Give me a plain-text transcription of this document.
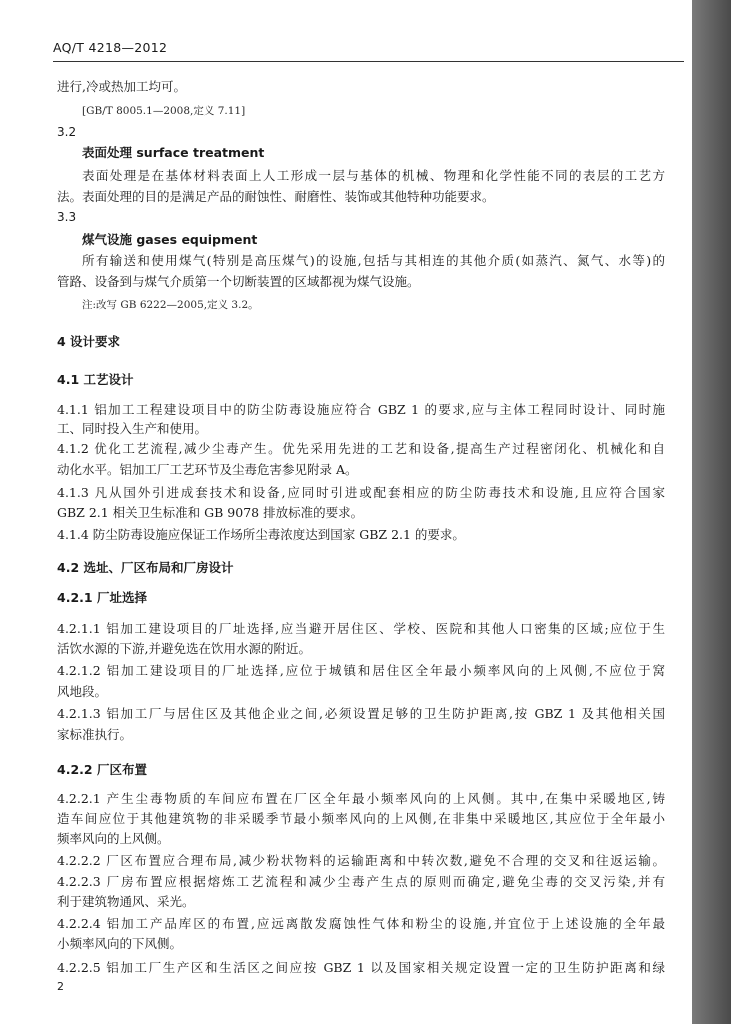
AQ/T 4218—2012
进行,冷或热加工均可。
[GB/T 8005.1—2008,定义 7.11]
3.2
表面处理 surface treatment
表面处理是在基体材料表面上人工形成一层与基体的机械、物理和化学性能不同的表层的工艺方
法。表面处理的目的是满足产品的耐蚀性、耐磨性、装饰或其他特种功能要求。
3.3
煤气设施 gases equipment
所有输送和使用煤气(特别是高压煤气)的设施,包括与其相连的其他介质(如蒸汽、氮气、水等)的
管路、设备到与煤气介质第一个切断装置的区域都视为煤气设施。
注:改写 GB 6222—2005,定义 3.2。
4 设计要求
4.1 工艺设计
4.1.1 铝加工工程建设项目中的防尘防毒设施应符合 GBZ 1 的要求,应与主体工程同时设计、同时施
工、同时投入生产和使用。
4.1.2 优化工艺流程,减少尘毒产生。优先采用先进的工艺和设备,提高生产过程密闭化、机械化和自
动化水平。铝加工厂工艺环节及尘毒危害参见附录 A。
4.1.3 凡从国外引进成套技术和设备,应同时引进或配套相应的防尘防毒技术和设施,且应符合国家
GBZ 2.1 相关卫生标准和 GB 9078 排放标准的要求。
4.1.4 防尘防毒设施应保证工作场所尘毒浓度达到国家 GBZ 2.1 的要求。
4.2 选址、厂区布局和厂房设计
4.2.1 厂址选择
4.2.1.1 铝加工建设项目的厂址选择,应当避开居住区、学校、医院和其他人口密集的区域;应位于生
活饮水源的下游,并避免选在饮用水源的附近。
4.2.1.2 铝加工建设项目的厂址选择,应位于城镇和居住区全年最小频率风向的上风侧,不应位于窝
风地段。
4.2.1.3 铝加工厂与居住区及其他企业之间,必须设置足够的卫生防护距离,按 GBZ 1 及其他相关国
家标准执行。
4.2.2 厂区布置
4.2.2.1 产生尘毒物质的车间应布置在厂区全年最小频率风向的上风侧。其中,在集中采暖地区,铸
造车间应位于其他建筑物的非采暖季节最小频率风向的上风侧,在非集中采暖地区,其应位于全年最小
频率风向的上风侧。
4.2.2.2 厂区布置应合理布局,减少粉状物料的运输距离和中转次数,避免不合理的交叉和往返运输。
4.2.2.3 厂房布置应根据熔炼工艺流程和减少尘毒产生点的原则而确定,避免尘毒的交叉污染,并有
利于建筑物通风、采光。
4.2.2.4 铝加工产品库区的布置,应远离散发腐蚀性气体和粉尘的设施,并宜位于上述设施的全年最
小频率风向的下风侧。
4.2.2.5 铝加工厂生产区和生活区之间应按 GBZ 1 以及国家相关规定设置一定的卫生防护距离和绿
2
